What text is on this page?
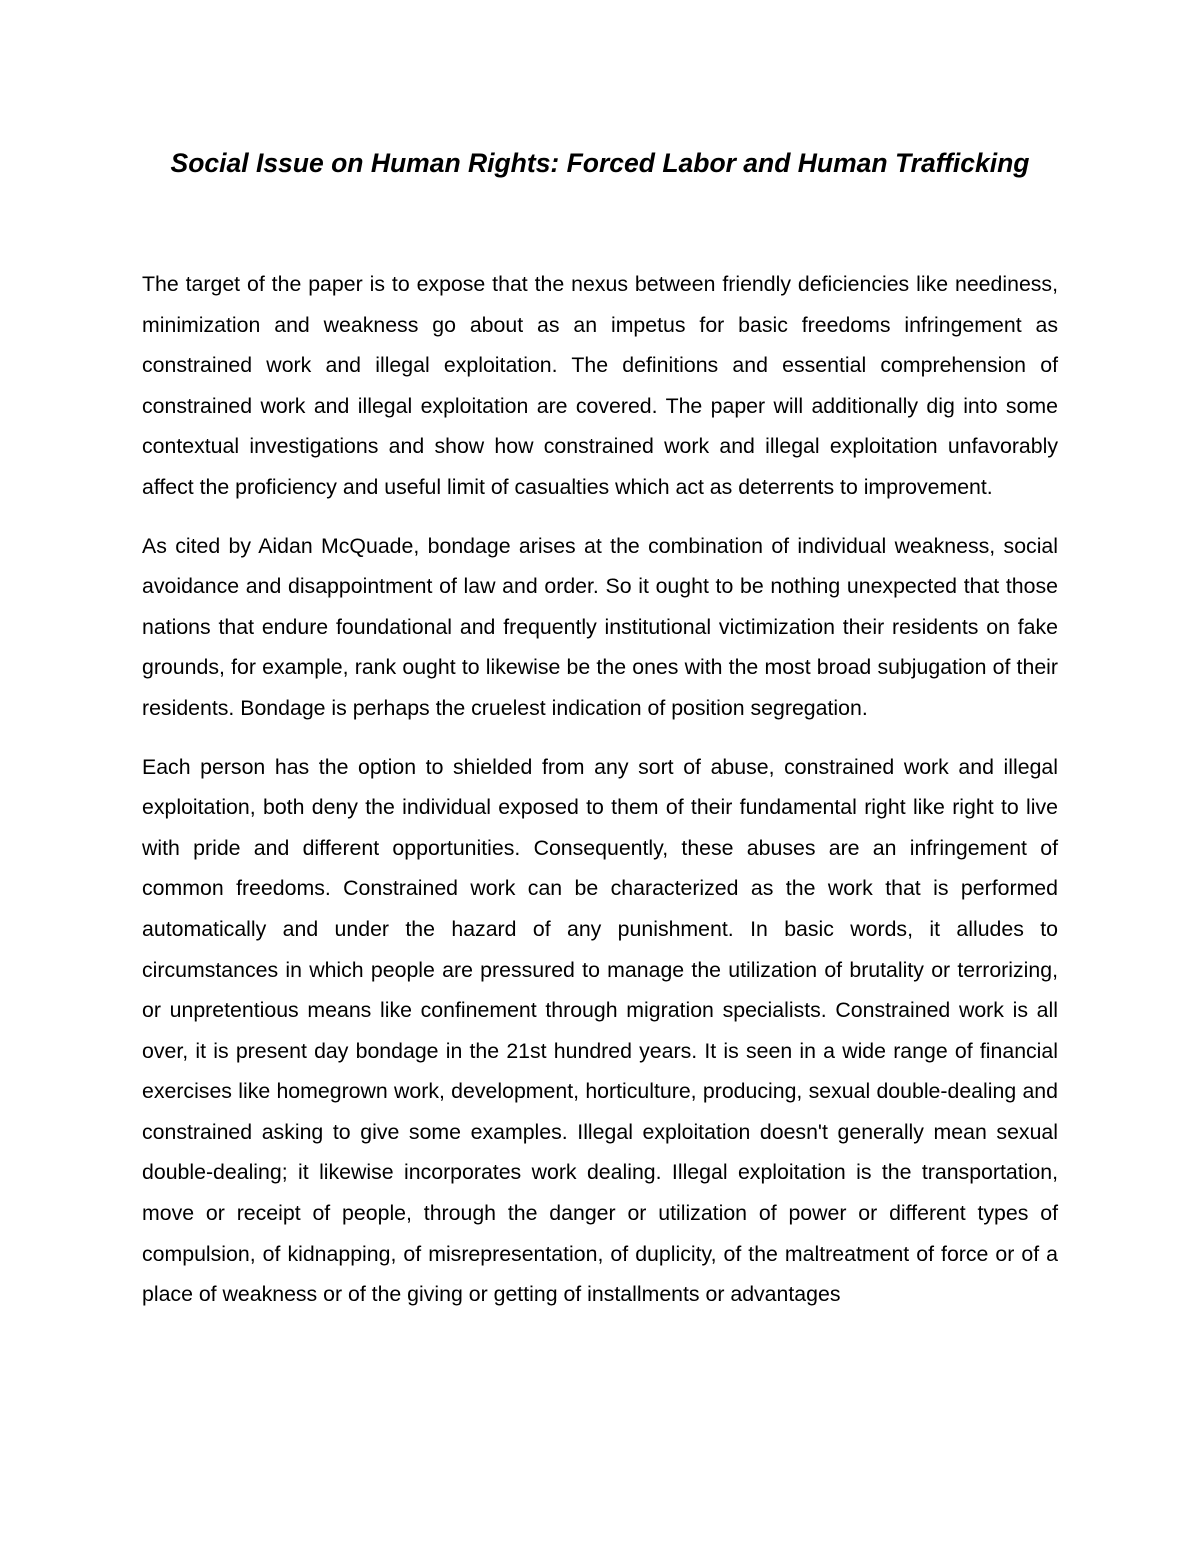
Social Issue on Human Rights: Forced Labor and Human Trafficking

The target of the paper is to expose that the nexus between friendly deficiencies like neediness, minimization and weakness go about as an impetus for basic freedoms infringement as constrained work and illegal exploitation. The definitions and essential comprehension of constrained work and illegal exploitation are covered. The paper will additionally dig into some contextual investigations and show how constrained work and illegal exploitation unfavorably affect the proficiency and useful limit of casualties which act as deterrents to improvement.

As cited by Aidan McQuade, bondage arises at the combination of individual weakness, social avoidance and disappointment of law and order. So it ought to be nothing unexpected that those nations that endure foundational and frequently institutional victimization their residents on fake grounds, for example, rank ought to likewise be the ones with the most broad subjugation of their residents. Bondage is perhaps the cruelest indication of position segregation.

Each person has the option to shielded from any sort of abuse, constrained work and illegal exploitation, both deny the individual exposed to them of their fundamental right like right to live with pride and different opportunities. Consequently, these abuses are an infringement of common freedoms. Constrained work can be characterized as the work that is performed automatically and under the hazard of any punishment. In basic words, it alludes to circumstances in which people are pressured to manage the utilization of brutality or terrorizing, or unpretentious means like confinement through migration specialists. Constrained work is all over, it is present day bondage in the 21st hundred years. It is seen in a wide range of financial exercises like homegrown work, development, horticulture, producing, sexual double-dealing and constrained asking to give some examples. Illegal exploitation doesn't generally mean sexual double-dealing; it likewise incorporates work dealing. Illegal exploitation is the transportation, move or receipt of people, through the danger or utilization of power or different types of compulsion, of kidnapping, of misrepresentation, of duplicity, of the maltreatment of force or of a place of weakness or of the giving or getting of installments or advantages
